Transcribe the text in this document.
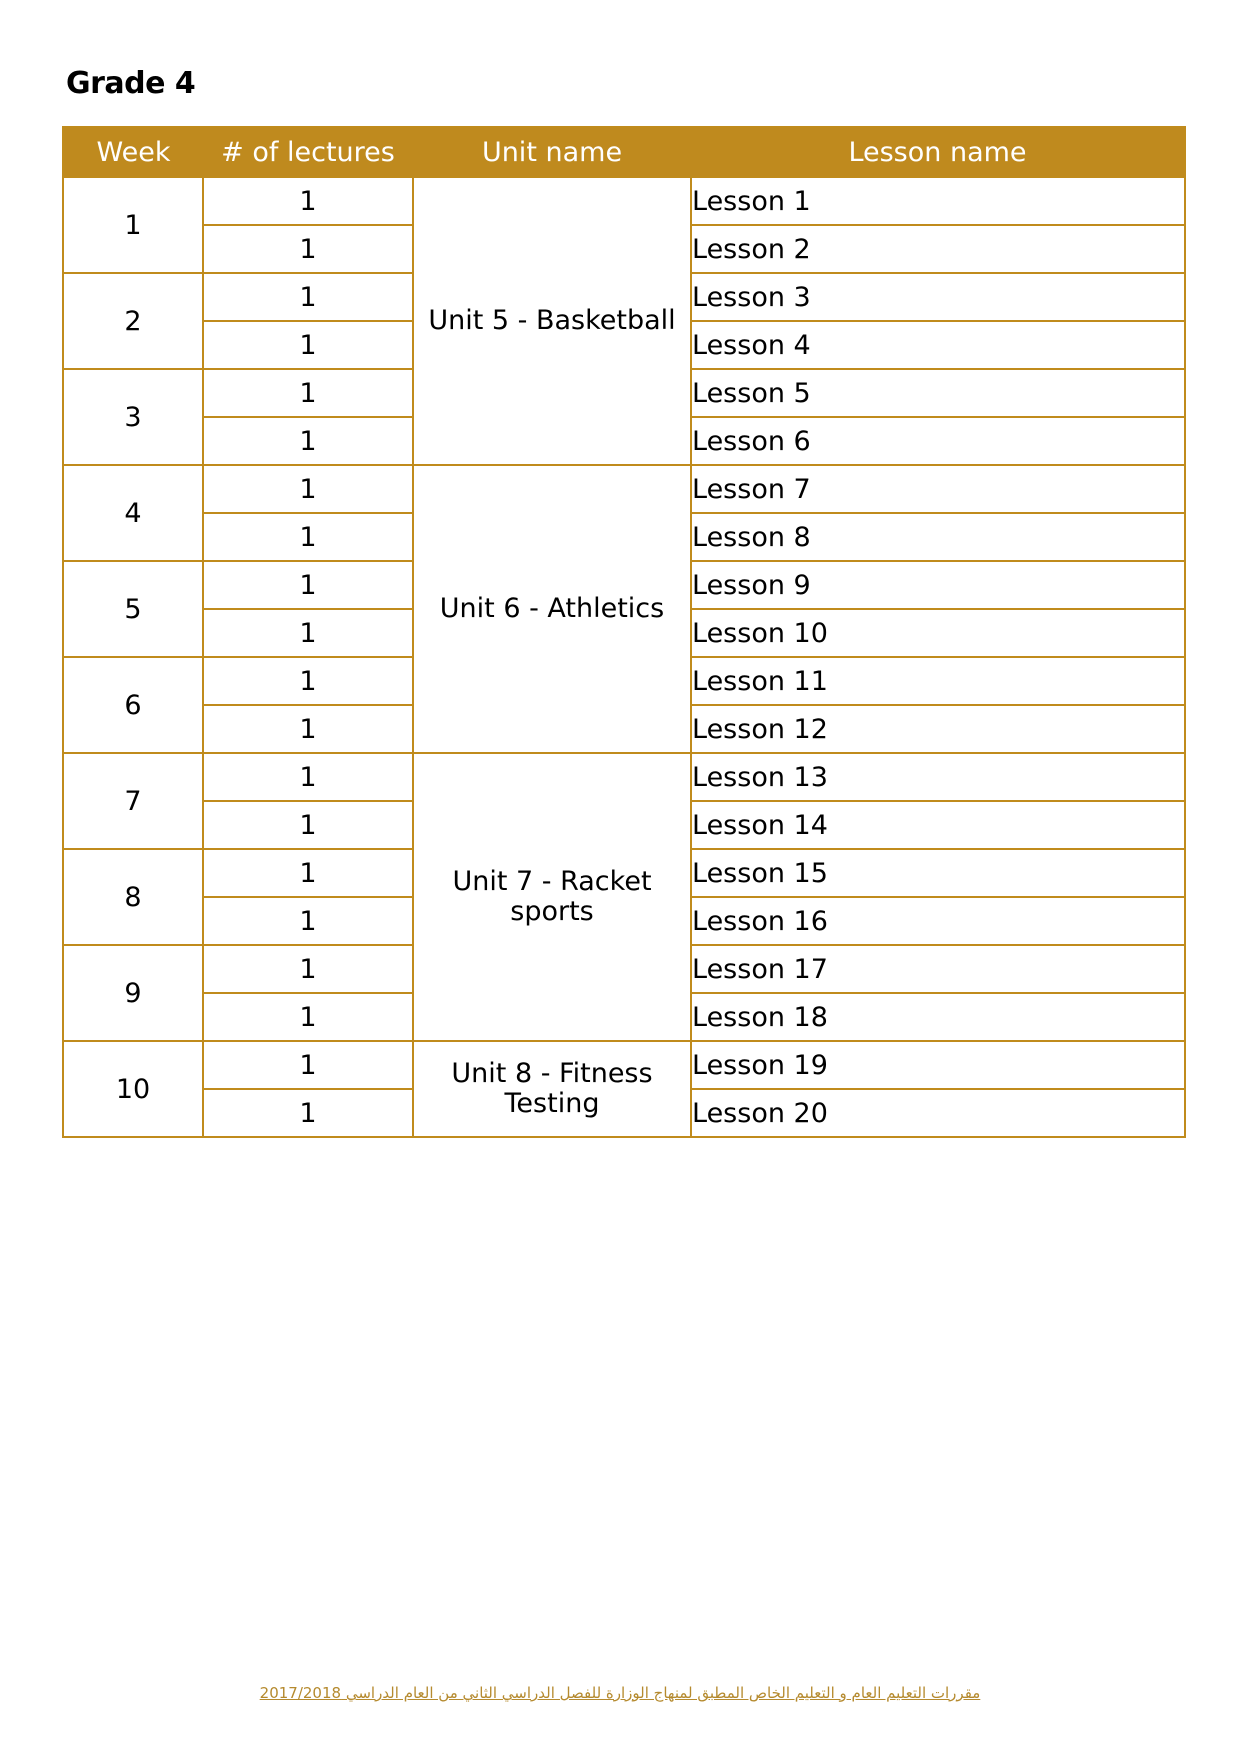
Grade 4
Week	# of lectures	Unit name	Lesson name
1	1	Unit 5 - Basketball	Lesson 1
	1		Lesson 2
2	1		Lesson 3
	1		Lesson 4
3	1		Lesson 5
	1		Lesson 6
4	1	Unit 6 - Athletics	Lesson 7
	1		Lesson 8
5	1		Lesson 9
	1		Lesson 10
6	1		Lesson 11
	1		Lesson 12
7	1	Unit 7 - Racket sports	Lesson 13
	1		Lesson 14
8	1		Lesson 15
	1		Lesson 16
9	1		Lesson 17
	1		Lesson 18
10	1	Unit 8 - Fitness Testing	Lesson 19
	1		Lesson 20
مقررات التعليم العام و التعليم الخاص المطبق لمنهاج الوزارة للفصل الدراسي الثاني من العام الدراسي 2017/2018
